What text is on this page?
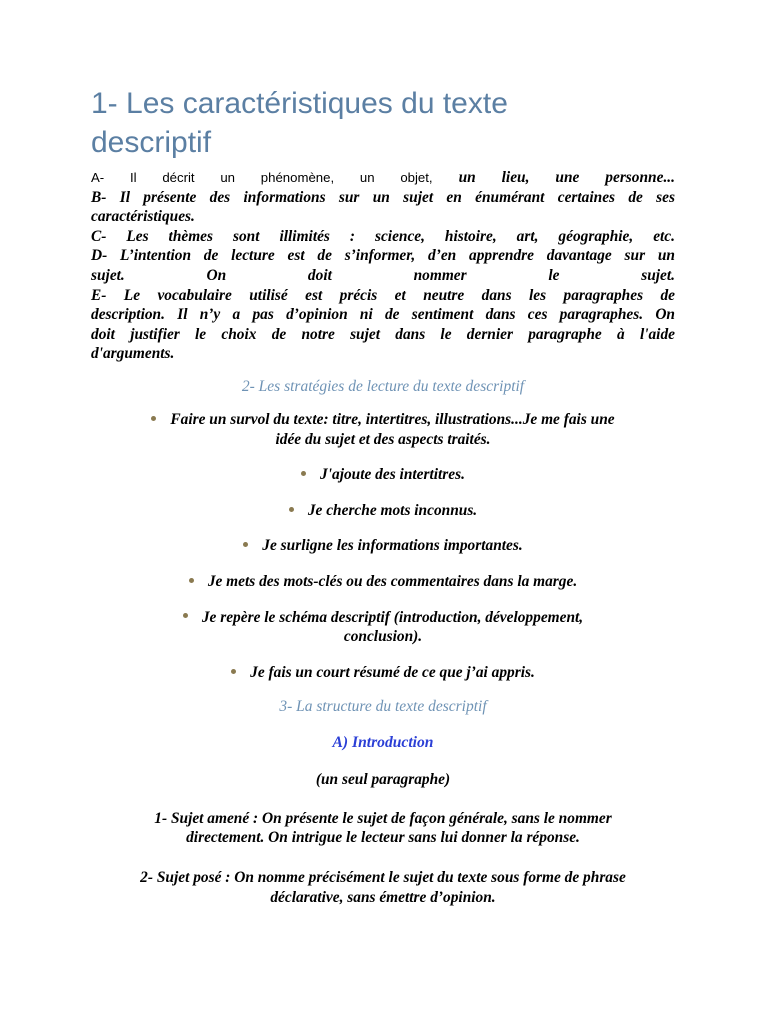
1- Les caractéristiques du texte
descriptif
A- Il décrit un phénomène, un objet, un lieu, une personne...
B- Il présente des informations sur un sujet en énumérant certaines de ses
caractéristiques.
C- Les thèmes sont illimités : science, histoire, art, géographie, etc.
D- L’intention de lecture est de s’informer, d’en apprendre davantage sur un
sujet. On doit nommer le sujet.
E- Le vocabulaire utilisé est précis et neutre dans les paragraphes de
description. Il n’y a pas d’opinion ni de sentiment dans ces paragraphes. On
doit justifier le choix de notre sujet dans le dernier paragraphe à l'aide
d'arguments.
2- Les stratégies de lecture du texte descriptif
Faire un survol du texte: titre, intertitres, illustrations...Je me fais une
idée du sujet et des aspects traités.
J'ajoute des intertitres.
Je cherche mots inconnus.
Je surligne les informations importantes.
Je mets des mots-clés ou des commentaires dans la marge.
Je repère le schéma descriptif (introduction, développement,
conclusion).
Je fais un court résumé de ce que j’ai appris.
3- La structure du texte descriptif
A) Introduction
(un seul paragraphe)
1- Sujet amené : On présente le sujet de façon générale, sans le nommer
directement. On intrigue le lecteur sans lui donner la réponse.
2- Sujet posé : On nomme précisément le sujet du texte sous forme de phrase
déclarative, sans émettre d’opinion.
